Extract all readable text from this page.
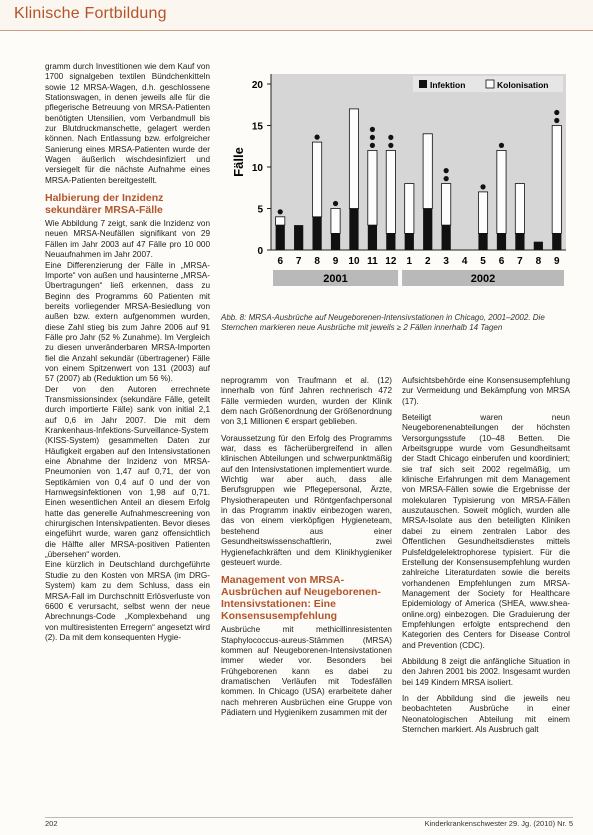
Klinische Fortbildung

gramm durch Investitionen wie dem Kauf von 1700 signalgeben textilen Bündchenkitteln sowie 12 MRSA-Wagen, d.h. geschlossene Stationswagen, in denen jeweils alle für die pflegerische Betreuung von MRSA-Patienten benötigten Utensilien, vom Verbandmull bis zur Blutdruckmanschette, gelagert werden können. Nach Entlassung bzw. erfolgreicher Sanierung eines MRSA-Patienten wurde der Wagen äußerlich wischdesinfiziert und versiegelt für die nächste Aufnahme eines MRSA-Patienten bereitgestellt.

Halbierung der Inzidenz sekundärer MRSA-Fälle

Wie Abbildung 7 zeigt, sank die Inzidenz von neuen MRSA-Neufällen signifikant von 29 Fällen im Jahr 2003 auf 47 Fälle pro 10 000 Neuaufnahmen im Jahr 2007.

Eine Differenzierung der Fälle in „MRSA-Importe“ von außen und hausinterne „MRSA-Übertragungen“ ließ erkennen, dass zu Beginn des Programms 60 Patienten mit bereits vorliegender MRSA-Besiedlung von außen bzw. extern aufgenommen wurden, diese Zahl stieg bis zum Jahre 2006 auf 91 Fälle pro Jahr (52 % Zunahme). Im Vergleich zu diesen unveränderbaren MRSA-Importen fiel die Anzahl sekundär (übertragener) Fälle von einem Spitzenwert von 131 (2003) auf 57 (2007) ab (Reduktion um 56 %).

Der von den Autoren errechnete Transmissionsindex (sekundäre Fälle, geteilt durch importierte Fälle) sank von initial 2,1 auf 0,6 im Jahr 2007. Die mit dem Krankenhaus-Infektions-Surveillance-System (KISS-System) gesammelten Daten zur Häufigkeit ergaben auf den Intensivstationen eine Abnahme der Inzidenz von MRSA-Pneumonien von 1,47 auf 0,71, der von Septikämien von 0,4 auf 0 und der von Harnwegsinfektionen von 1,98 auf 0,71. Einen wesentlichen Anteil an diesem Erfolg hatte das generelle Aufnahmescreening von chirurgischen Intensivpatienten. Bevor dieses eingeführt wurde, waren ganz offensichtlich die Hälfte aller MRSA-positiven Patienten „übersehen“ worden.

Eine kürzlich in Deutschland durchgeführte Studie zu den Kosten von MRSA (im DRG-System) kam zu dem Schluss, dass ein MRSA-Fall im Durchschnitt Erlösverluste von 6600 € verursacht, selbst wenn der neue Abrechnungs-Code „Komplexbehand ung von multiresistenten Erregern“ angesetzt wird (2). Da mit dem konsequenten Hygie-

0
5
10
15
20
Fälle
6 7 8 9 10 11 12 1 2 3 4 5 6 7 8 9
2001	2002
Infektion	Kolonisation
Abb. 8: MRSA-Ausbrüche auf Neugeborenen-Intensivstationen in Chicago, 2001–2002. Die Sternchen markieren neue Ausbrüche mit jeweils ≥ 2 Fällen innerhalb 14 Tagen

neprogramm von Traufmann et al. (12) innerhalb von fünf Jahren rechnerisch 472 Fälle vermieden wurden, wurden der Klinik dem nach Größenordnung der Größenordnung von 3,1 Millionen € erspart geblieben.

Voraussetzung für den Erfolg des Programms war, dass es fächerübergreifend in allen klinischen Abteilungen und schwerpunktmäßig auf den Intensivstationen implementiert wurde. Wichtig war aber auch, dass alle Berufsgruppen wie Pflegepersonal, Ärzte, Physiotherapeuten und Röntgenfachpersonal in das Programm inaktiv einbezogen waren, das von einem vierköpfigen Hygieneteam, bestehend aus einer Gesundheitswissenschaftlerin, zwei Hygienefachkräften und dem Klinikhygieniker gesteuert wurde.

Management von MRSA-Ausbrüchen auf Neugeborenen-Intensivstationen: Eine Konsensusempfehlung

Ausbrüche mit methicillinresistenten Staphylococcus-aureus-Stämmen (MRSA) kommen auf Neugeborenen-Intensivstationen immer wieder vor. Besonders bei Frühgeborenen kann es dabei zu dramatischen Verläufen mit Todesfällen kommen. In Chicago (USA) erarbeitete daher nach mehreren Ausbrüchen eine Gruppe von Pädiatern und Hygienikern zusammen mit der

Aufsichtsbehörde eine Konsensusempfehlung zur Vermeidung und Bekämpfung von MRSA (17).

Beteiligt waren neun Neugeborenenabteilungen der höchsten Versorgungsstufe (10–48 Betten. Die Arbeitsgruppe wurde vom Gesundheitsamt der Stadt Chicago einberufen und koordiniert; sie traf sich seit 2002 regelmäßig, um klinische Erfahrungen mit dem Management von MRSA-Fällen sowie die Ergebnisse der molekularen Typisierung von MRSA-Fällen auszutauschen. Soweit möglich, wurden alle MRSA-Isolate aus den beteiligten Kliniken dabei zu einem zentralen Labor des Öffentlichen Gesundheitsdienstes mittels Pulsfeldgelelektrophorese typisiert. Für die Erstellung der Konsensusempfehlung wurden zahlreiche Literaturdaten sowie die bereits vorhandenen Empfehlungen zum MRSA-Management der Society for Healthcare Epidemiology of America (SHEA, www.shea-online.org) einbezogen. Die Graduierung der Empfehlungen erfolgte entsprechend den Kategorien des Centers for Disease Control and Prevention (CDC).

Abbildung 8 zeigt die anfängliche Situation in den Jahren 2001 bis 2002. Insgesamt wurden bei 149 Kindern MRSA isoliert.

In der Abbildung sind die jeweils neu beobachteten Ausbrüche in einer Neonatologischen Abteilung mit einem Sternchen markiert. Als Ausbruch galt

202	Kinderkrankenschwester 29. Jg. (2010) Nr. 5
